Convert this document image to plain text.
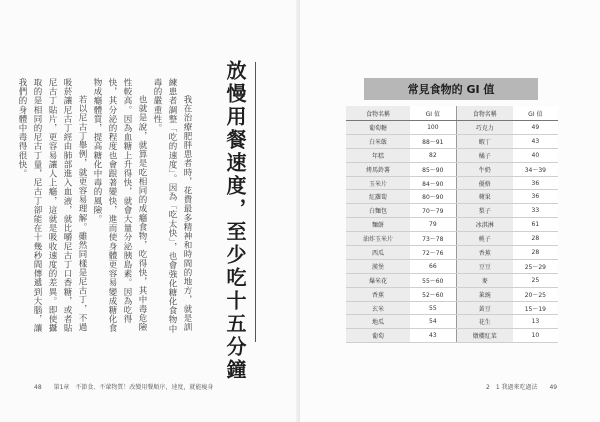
我在治療肥胖患者時，花費最多精神和時間的地方，就是訓練患者調整「吃的速度」。因為「吃太快」，也會強化糖化食物中毒的嚴重性。

也就是說，就算是吃相同的成癮食物，吃得快，其中毒危險性較高。因為血糖上升得快，就會大量分泌胰島素。因為吃得快，其分泌的程度也會跟著變快，進而使身體更容易變成糖化食物成癮體質，提高糖化中毒的風險。

若以尼古丁舉例，就更容易理解。雖然同樣是尼古丁，不過吸菸讓尼古丁經由肺部進入血液，就比嚼尼古丁口香糖，或者貼尼古丁貼片，更容易讓人上癮，這就是吸收速度的差異。即使攝取的是相同的尼古丁量，尼古丁卻能在十幾秒間傳遞到大腦，讓我們的身體中毒得很快。	放慢用餐速度，至少吃十五分鐘
48 第1章　不節食、不葷物質！改變用餐順序，速度，就能瘦身
常見食物的 GI 值
食物名稱	GI 值	食物名稱	GI 值
葡萄糖	100	巧克力	49
白米飯	88～91	蝦丁	43
年糕	82	橘子	40
烤馬鈴薯	85～90	牛奶	34～39
玉米片	84～90	優格	36
紅蘿蔔	80～90	蘋果	36
白麵包	70～79	梨子	33
麵餅	79	冰淇淋	61
油炸玉米片	73～78	桃子	28
西瓜	72～76	香蕉	28
漢堡	66	豆豆	25～29
爆米花	55～60	麥	25
香蕉	52～60	萊豌	20～25
玄米	55	黃豆	15～19
地瓜	54	花生	13
葡萄	43	燉櫻紅菜	10
2　1 我過來吃過法 49
